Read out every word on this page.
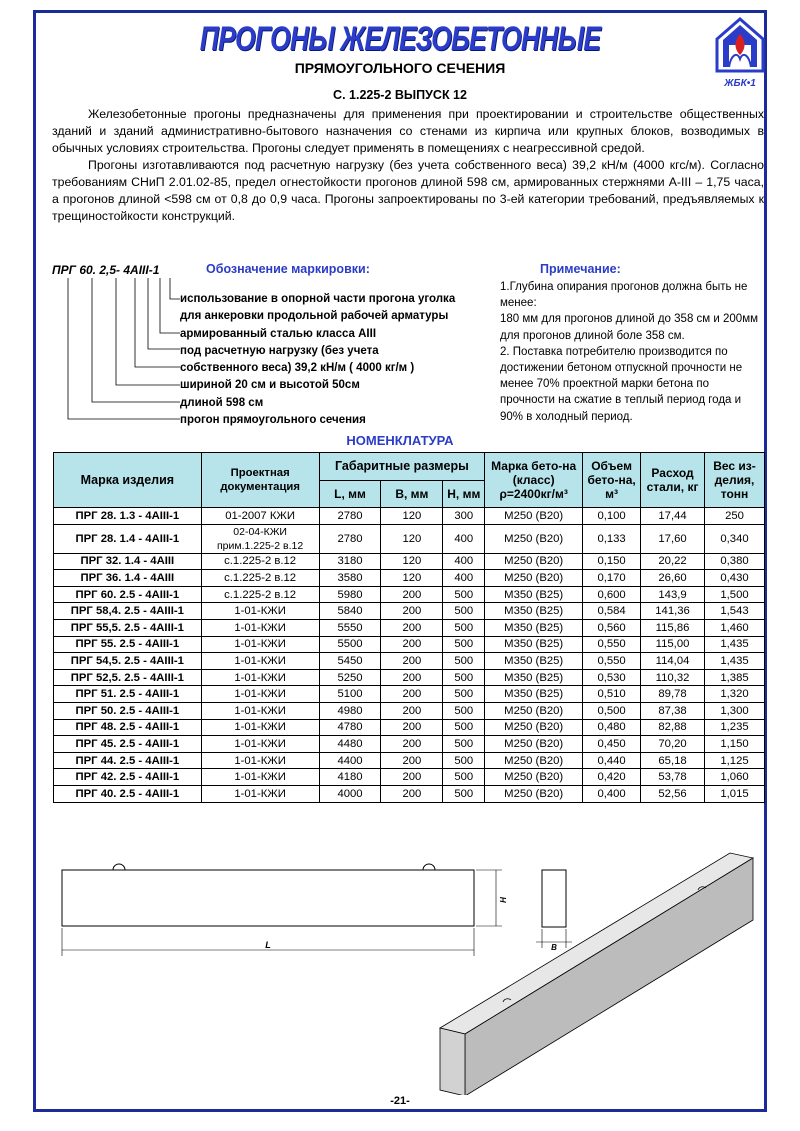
ПРОГОНЫ ЖЕЛЕЗОБЕТОННЫЕ
ПРЯМОУГОЛЬНОГО СЕЧЕНИЯ
С. 1.225-2 ВЫПУСК 12
ЖБК•1

Железобетонные прогоны предназначены для применения при проектировании и строительстве общественных зданий и зданий административно-бытового назначения со стенами из кирпича или крупных блоков, возводимых в обычных условиях строительства. Прогоны следует применять в помещениях с неагрессивной средой.

Прогоны изготавливаются под расчетную нагрузку (без учета собственного веса) 39,2 кН/м (4000 кгс/м). Согласно требованиям СНиП 2.01.02-85, предел огнестойкости прогонов длиной 598 см, армированных стержнями А-III – 1,75 часа, а прогонов длиной <598 см от 0,8 до 0,9 часа. Прогоны запроектированы по 3-ей категории требований, предъявляемых к трещиностойкости конструкций.

ПРГ 60. 2,5- 4АIII-1	Обозначение маркировки:
использование в опорной части прогона уголка
для анкеровки продольной рабочей арматуры
армированный сталью класса АIII
под расчетную нагрузку (без учета
собственного веса) 39,2 кН/м ( 4000 кг/м )
шириной 20 см и высотой 50см
длиной 598 см
прогон прямоугольного сечения
Примечание:

1.Глубина опирания прогонов должна быть не менее:

180 мм для прогонов длиной до 358 см и 200мм для прогонов длиной боле 358 см.

2. Поставка потребителю производится по достижении бетоном отпускной прочности не менее 70% проектной марки бетона по прочности на сжатие в теплый период года и 90% в холодный период.

НОМЕНКЛАТУРА
Марка изделия	Проектная документация	Габаритные размеры			Марка бето-на (класс) ρ=2400кг/м³	Объем бето-на, м³	Расход стали, кг	Вес из-делия, тонн
		L, мм	B, мм	H, мм				
ПРГ 28. 1.3 - 4АIII-1	01-2007 КЖИ	2780	120	300	М250 (В20)	0,100	17,44	250
ПРГ 28. 1.4 - 4АIII-1	02-04-КЖИ прим.1.225-2 в.12	2780	120	400	М250 (В20)	0,133	17,60	0,340
ПРГ 32. 1.4 - 4АIII	с.1.225-2 в.12	3180	120	400	М250 (В20)	0,150	20,22	0,380
ПРГ 36. 1.4 - 4АIII	с.1.225-2 в.12	3580	120	400	М250 (В20)	0,170	26,60	0,430
ПРГ 60. 2.5 - 4АIII-1	с.1.225-2 в.12	5980	200	500	М350 (В25)	0,600	143,9	1,500
ПРГ 58,4. 2.5 - 4АIII-1	1-01-КЖИ	5840	200	500	М350 (В25)	0,584	141,36	1,543
ПРГ 55,5. 2.5 - 4АIII-1	1-01-КЖИ	5550	200	500	М350 (В25)	0,560	115,86	1,460
ПРГ 55. 2.5 - 4АIII-1	1-01-КЖИ	5500	200	500	М350 (В25)	0,550	115,00	1,435
ПРГ 54,5. 2.5 - 4АIII-1	1-01-КЖИ	5450	200	500	М350 (В25)	0,550	114,04	1,435
ПРГ 52,5. 2.5 - 4АIII-1	1-01-КЖИ	5250	200	500	М350 (В25)	0,530	110,32	1,385
ПРГ 51. 2.5 - 4АIII-1	1-01-КЖИ	5100	200	500	М350 (В25)	0,510	89,78	1,320
ПРГ 50. 2.5 - 4АIII-1	1-01-КЖИ	4980	200	500	М250 (В20)	0,500	87,38	1,300
ПРГ 48. 2.5 - 4АIII-1	1-01-КЖИ	4780	200	500	М250 (В20)	0,480	82,88	1,235
ПРГ 45. 2.5 - 4АIII-1	1-01-КЖИ	4480	200	500	М250 (В20)	0,450	70,20	1,150
ПРГ 44. 2.5 - 4АIII-1	1-01-КЖИ	4400	200	500	М250 (В20)	0,440	65,18	1,125
ПРГ 42. 2.5 - 4АIII-1	1-01-КЖИ	4180	200	500	М250 (В20)	0,420	53,78	1,060
ПРГ 40. 2.5 - 4АIII-1	1-01-КЖИ	4000	200	500	М250 (В20)	0,400	52,56	1,015
L
H
B
-21-
